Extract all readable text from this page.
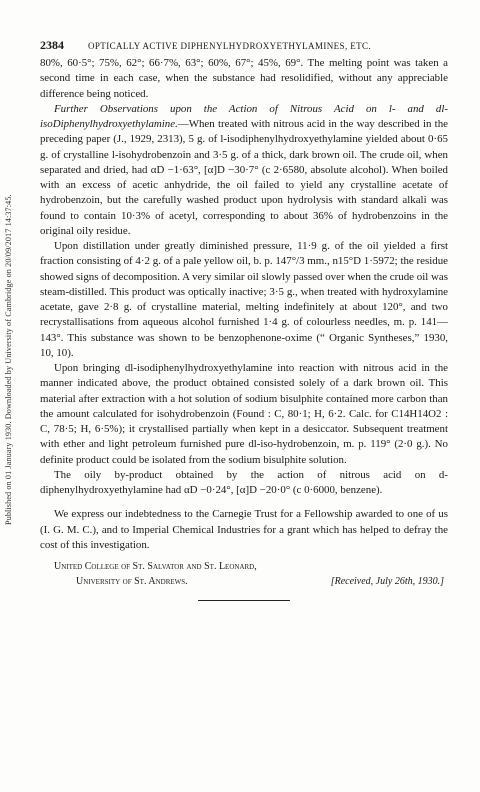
Published on 01 January 1930. Downloaded by University of Cambridge on 20/09/2017 14:37:45.
2384	OPTICALLY ACTIVE DIPHENYLHYDROXYETHYLAMINES, ETC.

80%, 60·5°; 75%, 62°; 66·7%, 63°; 60%, 67°; 45%, 69°. The melting point was taken a second time in each case, when the substance had resolidified, without any appreciable difference being noticed.

Further Observations upon the Action of Nitrous Acid on l- and dl-isoDiphenylhydroxyethylamine.—When treated with nitrous acid in the way described in the preceding paper (J., 1929, 2313), 5 g. of l-isodiphenylhydroxyethylamine yielded about 0·65 g. of crystalline l-isohydrobenzoin and 3·5 g. of a thick, dark brown oil. The crude oil, when separated and dried, had αD −1·63°, [α]D −30·7° (c 2·6580, absolute alcohol). When boiled with an excess of acetic anhydride, the oil failed to yield any crystalline acetate of hydrobenzoin, but the carefully washed product upon hydrolysis with standard alkali was found to contain 10·3% of acetyl, corresponding to about 36% of hydrobenzoins in the original oily residue.

Upon distillation under greatly diminished pressure, 11·9 g. of the oil yielded a first fraction consisting of 4·2 g. of a pale yellow oil, b. p. 147°/3 mm., n15°D 1·5972; the residue showed signs of decomposition. A very similar oil slowly passed over when the crude oil was steam-distilled. This product was optically inactive; 3·5 g., when treated with hydroxylamine acetate, gave 2·8 g. of crystalline material, melting indefinitely at about 120°, and two recrystallisations from aqueous alcohol furnished 1·4 g. of colourless needles, m. p. 141—143°. This substance was shown to be benzophenone-oxime (“ Organic Syntheses,” 1930, 10, 10).

Upon bringing dl-isodiphenylhydroxyethylamine into reaction with nitrous acid in the manner indicated above, the product obtained consisted solely of a dark brown oil. This material after extraction with a hot solution of sodium bisulphite contained more carbon than the amount calculated for isohydrobenzoin (Found : C, 80·1; H, 6·2. Calc. for C14H14O2 : C, 78·5; H, 6·5%); it crystallised partially when kept in a desiccator. Subsequent treatment with ether and light petroleum furnished pure dl-iso-hydrobenzoin, m. p. 119° (2·0 g.). No definite product could be isolated from the sodium bisulphite solution.

The oily by-product obtained by the action of nitrous acid on d-diphenylhydroxyethylamine had αD −0·24°, [α]D −20·0° (c 0·6000, benzene).

We express our indebtedness to the Carnegie Trust for a Fellowship awarded to one of us (I. G. M. C.), and to Imperial Chemical Industries for a grant which has helped to defray the cost of this investigation.

United College of St. Salvator and St. Leonard,
University of St. Andrews.	[Received, July 26th, 1930.]
